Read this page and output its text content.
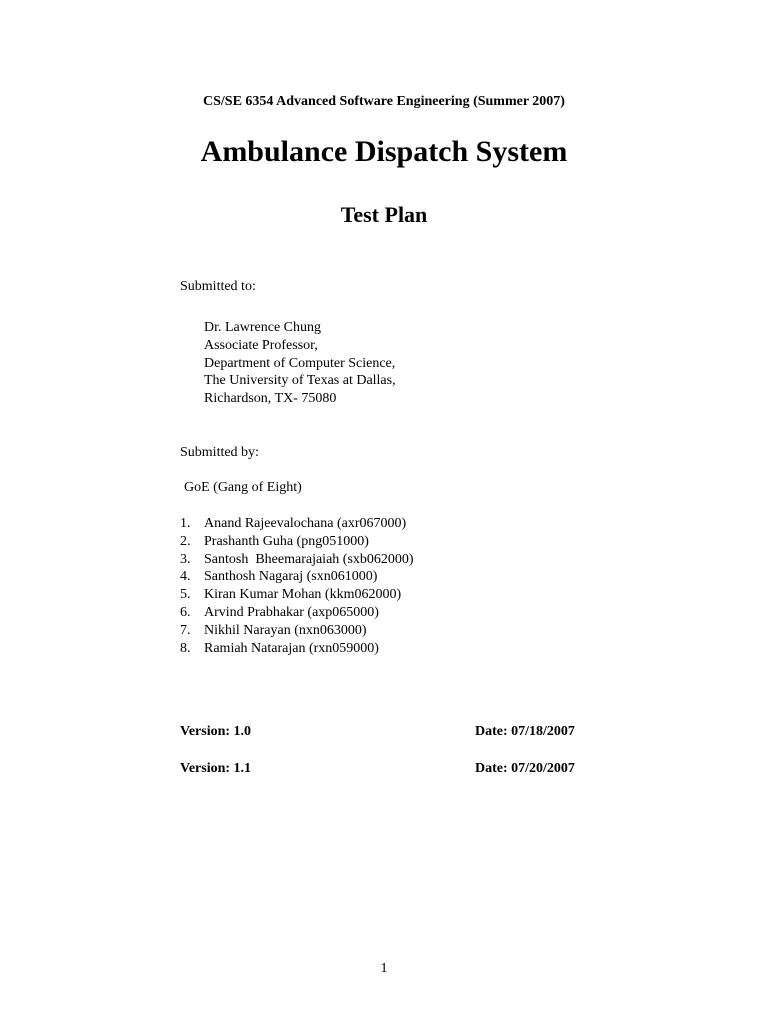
CS/SE 6354 Advanced Software Engineering (Summer 2007)
Ambulance Dispatch System
Test Plan
Submitted to:
Dr. Lawrence Chung
Associate Professor,
Department of Computer Science,
The University of Texas at Dallas,
Richardson, TX- 75080
Submitted by:
GoE (Gang of Eight)
1. Anand Rajeevalochana (axr067000)
2. Prashanth Guha (png051000)
3. Santosh  Bheemarajaiah (sxb062000)
4. Santhosh Nagaraj (sxn061000)
5. Kiran Kumar Mohan (kkm062000)
6. Arvind Prabhakar (axp065000)
7. Nikhil Narayan (nxn063000)
8. Ramiah Natarajan (rxn059000)
Version: 1.0	Date: 07/18/2007
Version: 1.1	Date: 07/20/2007
1
